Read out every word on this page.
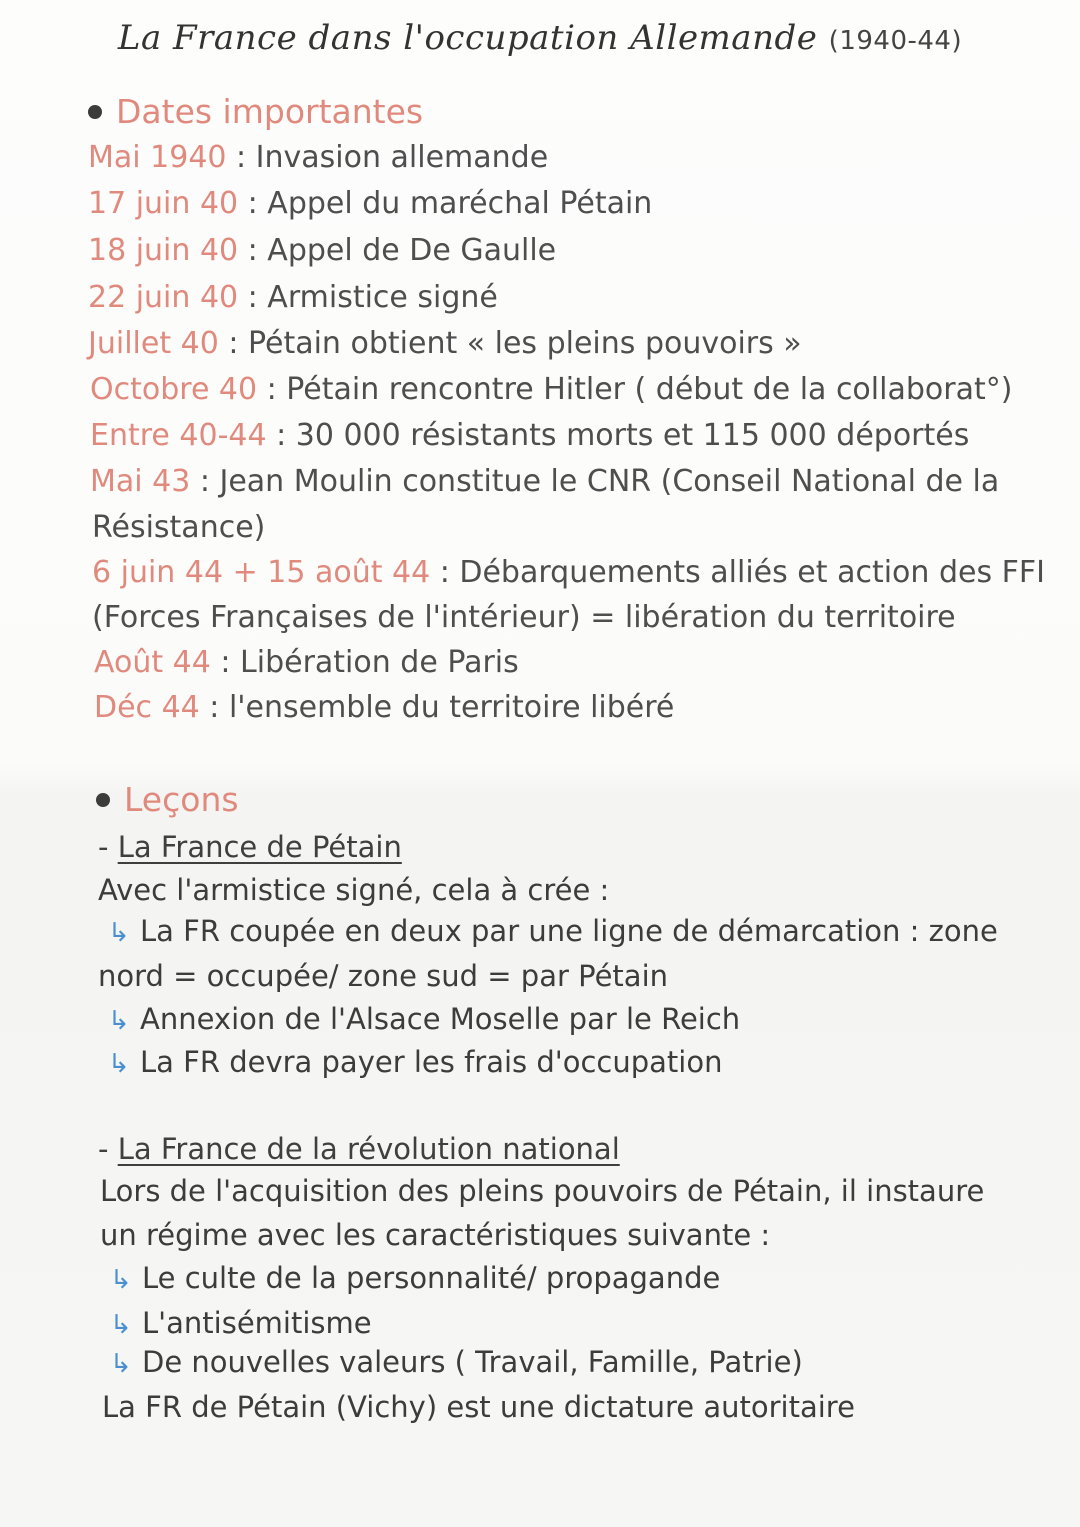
La France dans l'occupation Allemande (1940-44)
Dates importantes
Mai 1940 : Invasion allemande
17 juin 40 : Appel du maréchal Pétain
18 juin 40 : Appel de De Gaulle
22 juin 40 : Armistice signé
Juillet 40 : Pétain obtient « les pleins pouvoirs »
Octobre 40 : Pétain rencontre Hitler ( début de la collaborat°)
Entre 40-44 : 30 000 résistants morts et 115 000 déportés
Mai 43 : Jean Moulin constitue le CNR (Conseil National de la
Résistance)
6 juin 44 + 15 août 44 : Débarquements alliés et action des FFI
(Forces Françaises de l'intérieur) = libération du territoire
Août 44 : Libération de Paris
Déc 44 : l'ensemble du territoire libéré
Leçons
- La France de Pétain
Avec l'armistice signé, cela à crée :
↳ La FR coupée en deux par une ligne de démarcation : zone
nord = occupée/ zone sud = par Pétain
↳ Annexion de l'Alsace Moselle par le Reich
↳ La FR devra payer les frais d'occupation
- La France de la révolution national
Lors de l'acquisition des pleins pouvoirs de Pétain, il instaure
un régime avec les caractéristiques suivante :
↳ Le culte de la personnalité/ propagande
↳ L'antisémitisme
↳ De nouvelles valeurs ( Travail, Famille, Patrie)
La FR de Pétain (Vichy) est une dictature autoritaire
